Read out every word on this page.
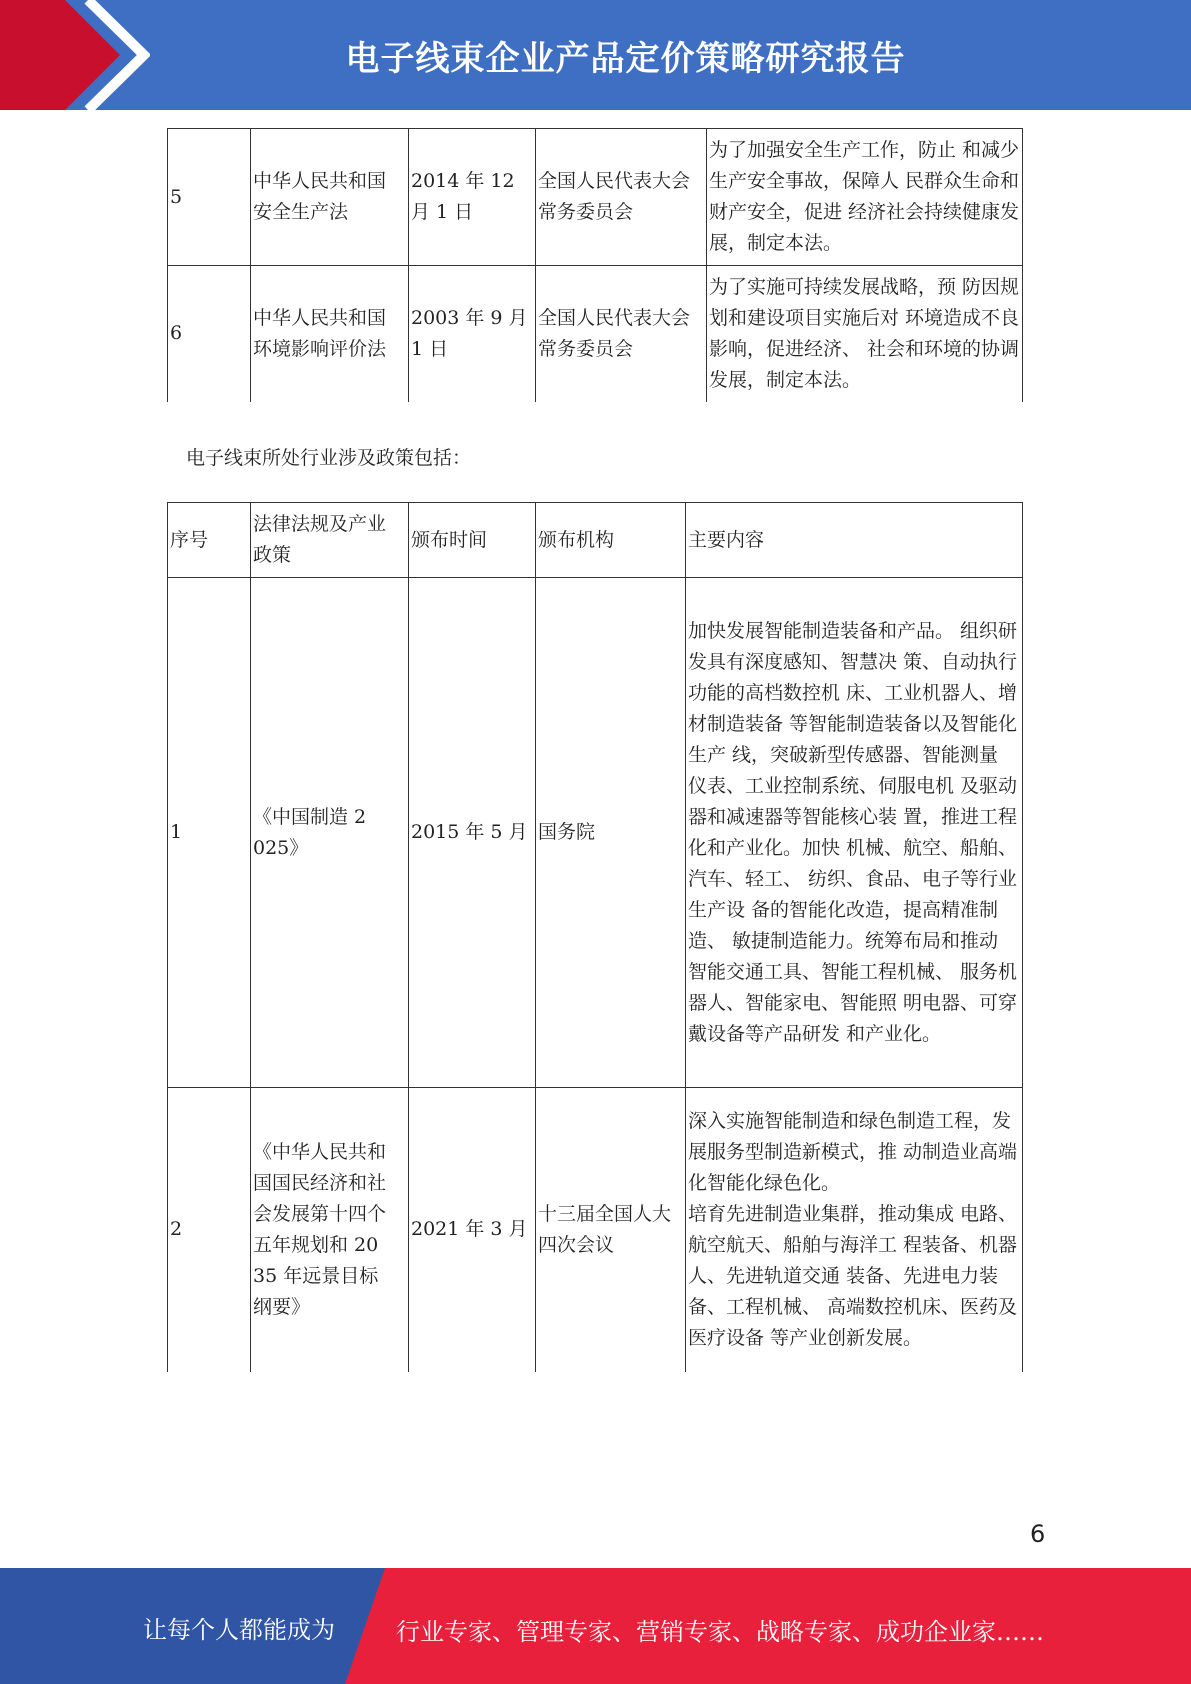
电子线束企业产品定价策略研究报告
5	中华人民共和国安全生产法	2014 年 12 月 1 日	全国人民代表大会常务委员会	为了加强安全生产工作，防止 和减少生产安全事故，保障人 民群众生命和财产安全，促进 经济社会持续健康发展，制定本法。
6	中华人民共和国环境影响评价法	2003 年 9 月 1 日	全国人民代表大会常务委员会	为了实施可持续发展战略，预 防因规划和建设项目实施后对 环境造成不良影响，促进经济、 社会和环境的协调发展，制定本法。
电子线束所处行业涉及政策包括：
序号	法律法规及产业政策	颁布时间	颁布机构	主要内容
1	《中国制造 2025》	2015 年 5 月	国务院	加快发展智能制造装备和产品。 组织研发具有深度感知、智慧决 策、自动执行功能的高档数控机 床、工业机器人、增材制造装备 等智能制造装备以及智能化生产 线，突破新型传感器、智能测量 仪表、工业控制系统、伺服电机 及驱动器和减速器等智能核心装 置，推进工程化和产业化。加快 机械、航空、船舶、汽车、轻工、 纺织、食品、电子等行业生产设 备的智能化改造，提高精准制造、 敏捷制造能力。统筹布局和推动 智能交通工具、智能工程机械、 服务机器人、智能家电、智能照 明电器、可穿戴设备等产品研发 和产业化。
2	《中华人民共和国国民经济和社会发展第十四个五年规划和 2035 年远景目标纲要》	2021 年 3 月	十三届全国人大四次会议	深入实施智能制造和绿色制造工程，发展服务型制造新模式，推 动制造业高端化智能化绿色化。
培育先进制造业集群，推动集成 电路、航空航天、船舶与海洋工 程装备、机器人、先进轨道交通 装备、先进电力装备、工程机械、 高端数控机床、医药及医疗设备 等产业创新发展。
6
让每个人都能成为	行业专家、管理专家、营销专家、战略专家、成功企业家……
